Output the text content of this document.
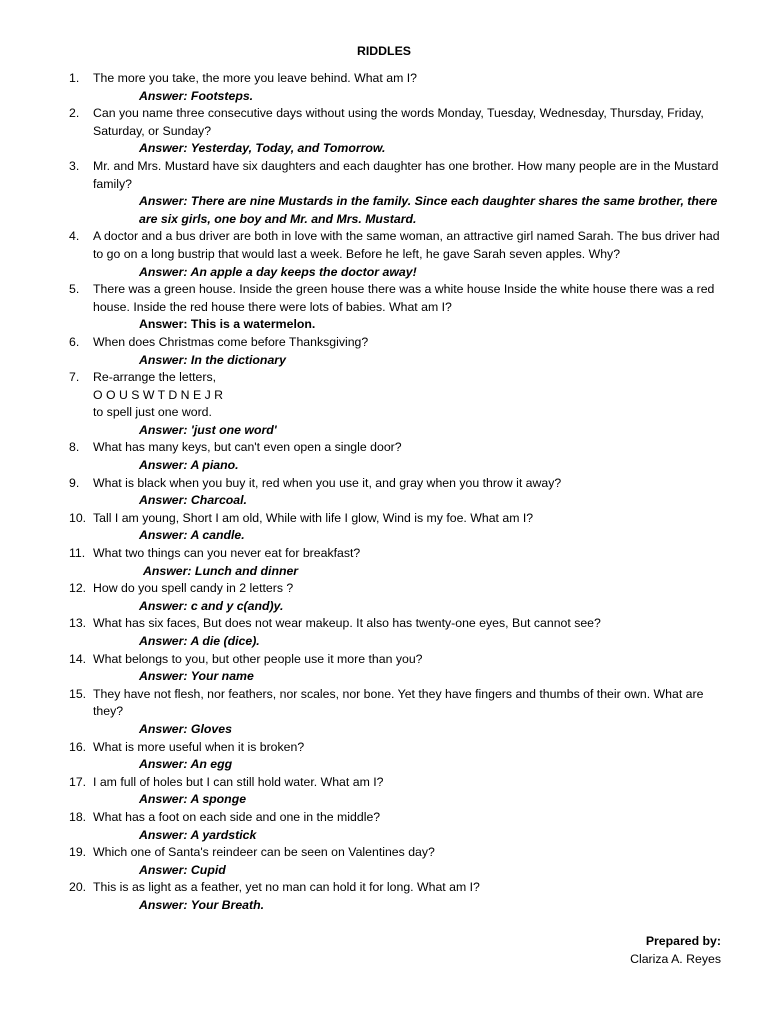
RIDDLES
1.	The more you take, the more you leave behind. What am I?
Answer: Footsteps.
2.	Can you name three consecutive days without using the words Monday, Tuesday, Wednesday, Thursday, Friday, Saturday, or Sunday?
Answer: Yesterday, Today, and Tomorrow.
3.	Mr. and Mrs. Mustard have six daughters and each daughter has one brother. How many people are in the Mustard family?
Answer: There are nine Mustards in the family. Since each daughter shares the same brother, there are six girls, one boy and Mr. and Mrs. Mustard.
4.	A doctor and a bus driver are both in love with the same woman, an attractive girl named Sarah. The bus driver had to go on a long bustrip that would last a week. Before he left, he gave Sarah seven apples. Why?
Answer: An apple a day keeps the doctor away!
5.	There was a green house. Inside the green house there was a white house Inside the white house there was a red house. Inside the red house there were lots of babies. What am I?
Answer: This is a watermelon.
6.	When does Christmas come before Thanksgiving?
Answer: In the dictionary
7.	Re-arrange the letters,
O O U S W T D N E J R
to spell just one word.
Answer: 'just one word'
8.	What has many keys, but can't even open a single door?
Answer: A piano.
9.	What is black when you buy it, red when you use it, and gray when you throw it away?
Answer: Charcoal.
10. Tall I am young, Short I am old, While with life I glow, Wind is my foe. What am I?
Answer: A candle.
11. What two things can you never eat for breakfast?
Answer: Lunch and dinner
12. How do you spell candy in 2 letters ?
Answer: c and y c(and)y.
13. What has six faces, But does not wear makeup. It also has twenty-one eyes, But cannot see?
Answer: A die (dice).
14. What belongs to you, but other people use it more than you?
Answer: Your name
15. They have not flesh, nor feathers, nor scales, nor bone. Yet they have fingers and thumbs of their own. What are they?
Answer: Gloves
16. What is more useful when it is broken?
Answer: An egg
17. I am full of holes but I can still hold water. What am I?
Answer: A sponge
18. What has a foot on each side and one in the middle?
Answer: A yardstick
19. Which one of Santa's reindeer can be seen on Valentines day?
Answer: Cupid
20. This is as light as a feather, yet no man can hold it for long. What am I?
Answer: Your Breath.
Prepared by:
Clariza A. Reyes
